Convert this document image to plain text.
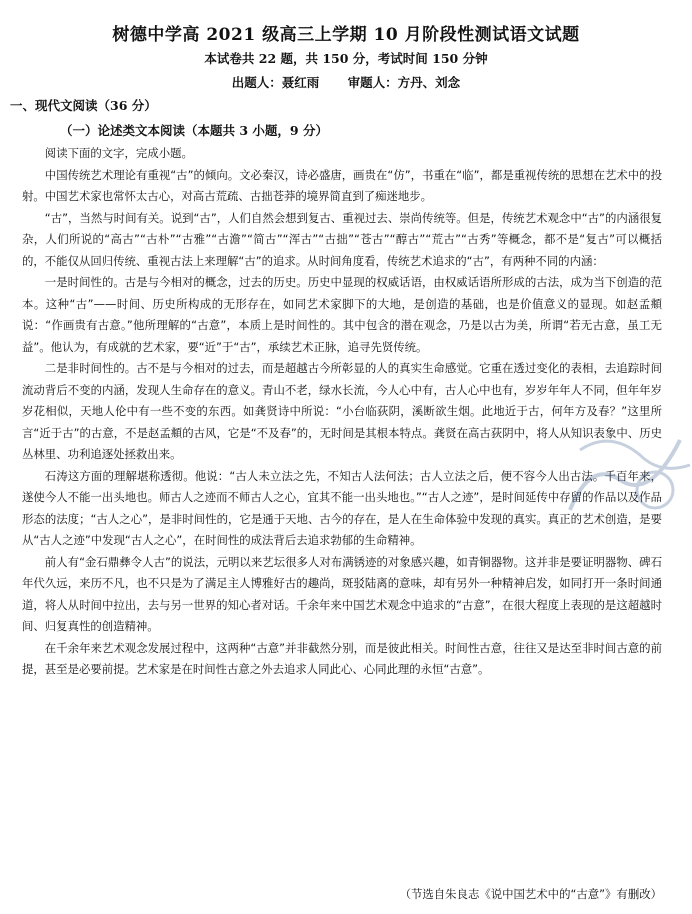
树德中学高 2021 级高三上学期 10 月阶段性测试语文试题
本试卷共 22 题，共 150 分，考试时间 150 分钟
出题人：聂红雨 审题人：方丹、刘念
一、现代文阅读（36 分）
（一）论述类文本阅读（本题共 3 小题，9 分）

阅读下面的文字，完成小题。

中国传统艺术理论有重视“古”的倾向。文必秦汉，诗必盛唐，画贵在“仿”，书重在“临”，都是重视传统的思想在艺术中的投射。中国艺术家也常怀太古心，对高古荒疏、古拙苍莽的境界简直到了痴迷地步。

“古”，当然与时间有关。说到“古”，人们自然会想到复古、重视过去、崇尚传统等。但是，传统艺术观念中“古”的内涵很复杂，人们所说的“高古”“古朴”“古雅”“古澹”“简古”“浑古”“古拙”“苍古”“醇古”“荒古”“古秀”等概念，都不是“复古”可以概括的，不能仅从回归传统、重视古法上来理解“古”的追求。从时间角度看，传统艺术追求的“古”，有两种不同的内涵：

一是时间性的。古是与今相对的概念，过去的历史。历史中显现的权威话语，由权威话语所形成的古法，成为当下创造的范本。这种“古”——时间、历史所构成的无形存在，如同艺术家脚下的大地，是创造的基础，也是价值意义的显现。如赵孟頫说：“作画贵有古意。”他所理解的“古意”，本质上是时间性的。其中包含的潜在观念，乃是以古为美，所谓“若无古意，虽工无益”。他认为，有成就的艺术家，要“近”于“古”，承续艺术正脉，追寻先贤传统。

二是非时间性的。古不是与今相对的过去，而是超越古今所彰显的人的真实生命感觉。它重在透过变化的表相，去追踪时间流动背后不变的内涵，发现人生命存在的意义。青山不老，绿水长流，今人心中有，古人心中也有，岁岁年年人不同，但年年岁岁花相似，天地人伦中有一些不变的东西。如龚贤诗中所说：“小台临荻阴，溪断欲生烟。此地近于古，何年方及春？”这里所言“近于古”的古意，不是赵孟頫的古风，它是“不及春”的，无时间是其根本特点。龚贤在高古荻阴中，将人从知识表象中、历史丛林里、功利追逐处拯救出来。

石涛这方面的理解堪称透彻。他说：“古人未立法之先，不知古人法何法；古人立法之后，便不容今人出古法。千百年来，遂使今人不能一出头地也。师古人之迹而不师古人之心，宜其不能一出头地也。”“古人之迹”，是时间延传中存留的作品以及作品形态的法度；“古人之心”，是非时间性的，它是通于天地、古今的存在，是人在生命体验中发现的真实。真正的艺术创造，是要从“古人之迹”中发现“古人之心”，在时间性的成法背后去追求勃郁的生命精神。

前人有“金石鼎彝令人古”的说法，元明以来艺坛很多人对布满锈迹的对象感兴趣，如青铜器物。这并非是要证明器物、碑石年代久远，来历不凡，也不只是为了满足主人博雅好古的趣尚，斑驳陆离的意味，却有另外一种精神启发，如同打开一条时间通道，将人从时间中拉出，去与另一世界的知心者对话。千余年来中国艺术观念中追求的“古意”，在很大程度上表现的是这超越时间、归复真性的创造精神。

在千余年来艺术观念发展过程中，这两种“古意”并非截然分别，而是彼此相关。时间性古意，往往又是达至非时间古意的前提，甚至是必要前提。艺术家是在时间性古意之外去追求人同此心、心同此理的永恒“古意”。

（节选自朱良志《说中国艺术中的“古意”》有删改）
